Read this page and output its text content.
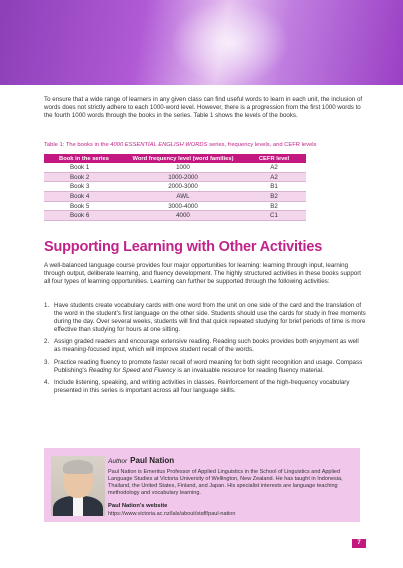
To ensure that a wide range of learners in any given class can find useful words to learn in each unit, the inclusion of words does not strictly adhere to each 1000-word level. However, there is a progression from the first 1000 words to the fourth 1000 words through the books in the series. Table 1 shows the levels of the books.

Table 1: The books in the 4000 ESSENTIAL ENGLISH WORDS series, frequency levels, and CEFR levels

Book in the series	Word frequency level (word families)	CEFR level
Book 1	1000	A2
Book 2	1000-2000	A2
Book 3	2000-3000	B1
Book 4	AWL	B2
Book 5	3000-4000	B2
Book 6	4000	C1
Supporting Learning with Other Activities

A well-balanced language course provides four major opportunities for learning: learning through input, learning through output, deliberate learning, and fluency development. The highly structured activities in these books support all four types of learning opportunities. Learning can further be supported through the following activities:

1. Have students create vocabulary cards with one word from the unit on one side of the card and the translation of the word in the student's first language on the other side. Students should use the cards for study in free moments during the day. Over several weeks, students will find that quick repeated studying for brief periods of time is more effective than studying for hours at one sitting.
2. Assign graded readers and encourage extensive reading. Reading such books provides both enjoyment as well as meaning-focused input, which will improve student recall of the words.
3. Practice reading fluency to promote faster recall of word meaning for both sight recognition and usage. Compass Publishing's Reading for Speed and Fluency is an invaluable resource for reading fluency material.
4. Include listening, speaking, and writing activities in classes. Reinforcement of the high-frequency vocabulary presented in this series is important across all four language skills.

Author Paul Nation

Paul Nation is Emeritus Professor of Applied Linguistics in the School of Linguistics and Applied Language Studies at Victoria University of Wellington, New Zealand. He has taught in Indonesia, Thailand, the United States, Finland, and Japan. His specialist interests are language teaching methodology and vocabulary learning.

Paul Nation's website

https://www.victoria.ac.nz/lals/about/staff/paul-nation

7
